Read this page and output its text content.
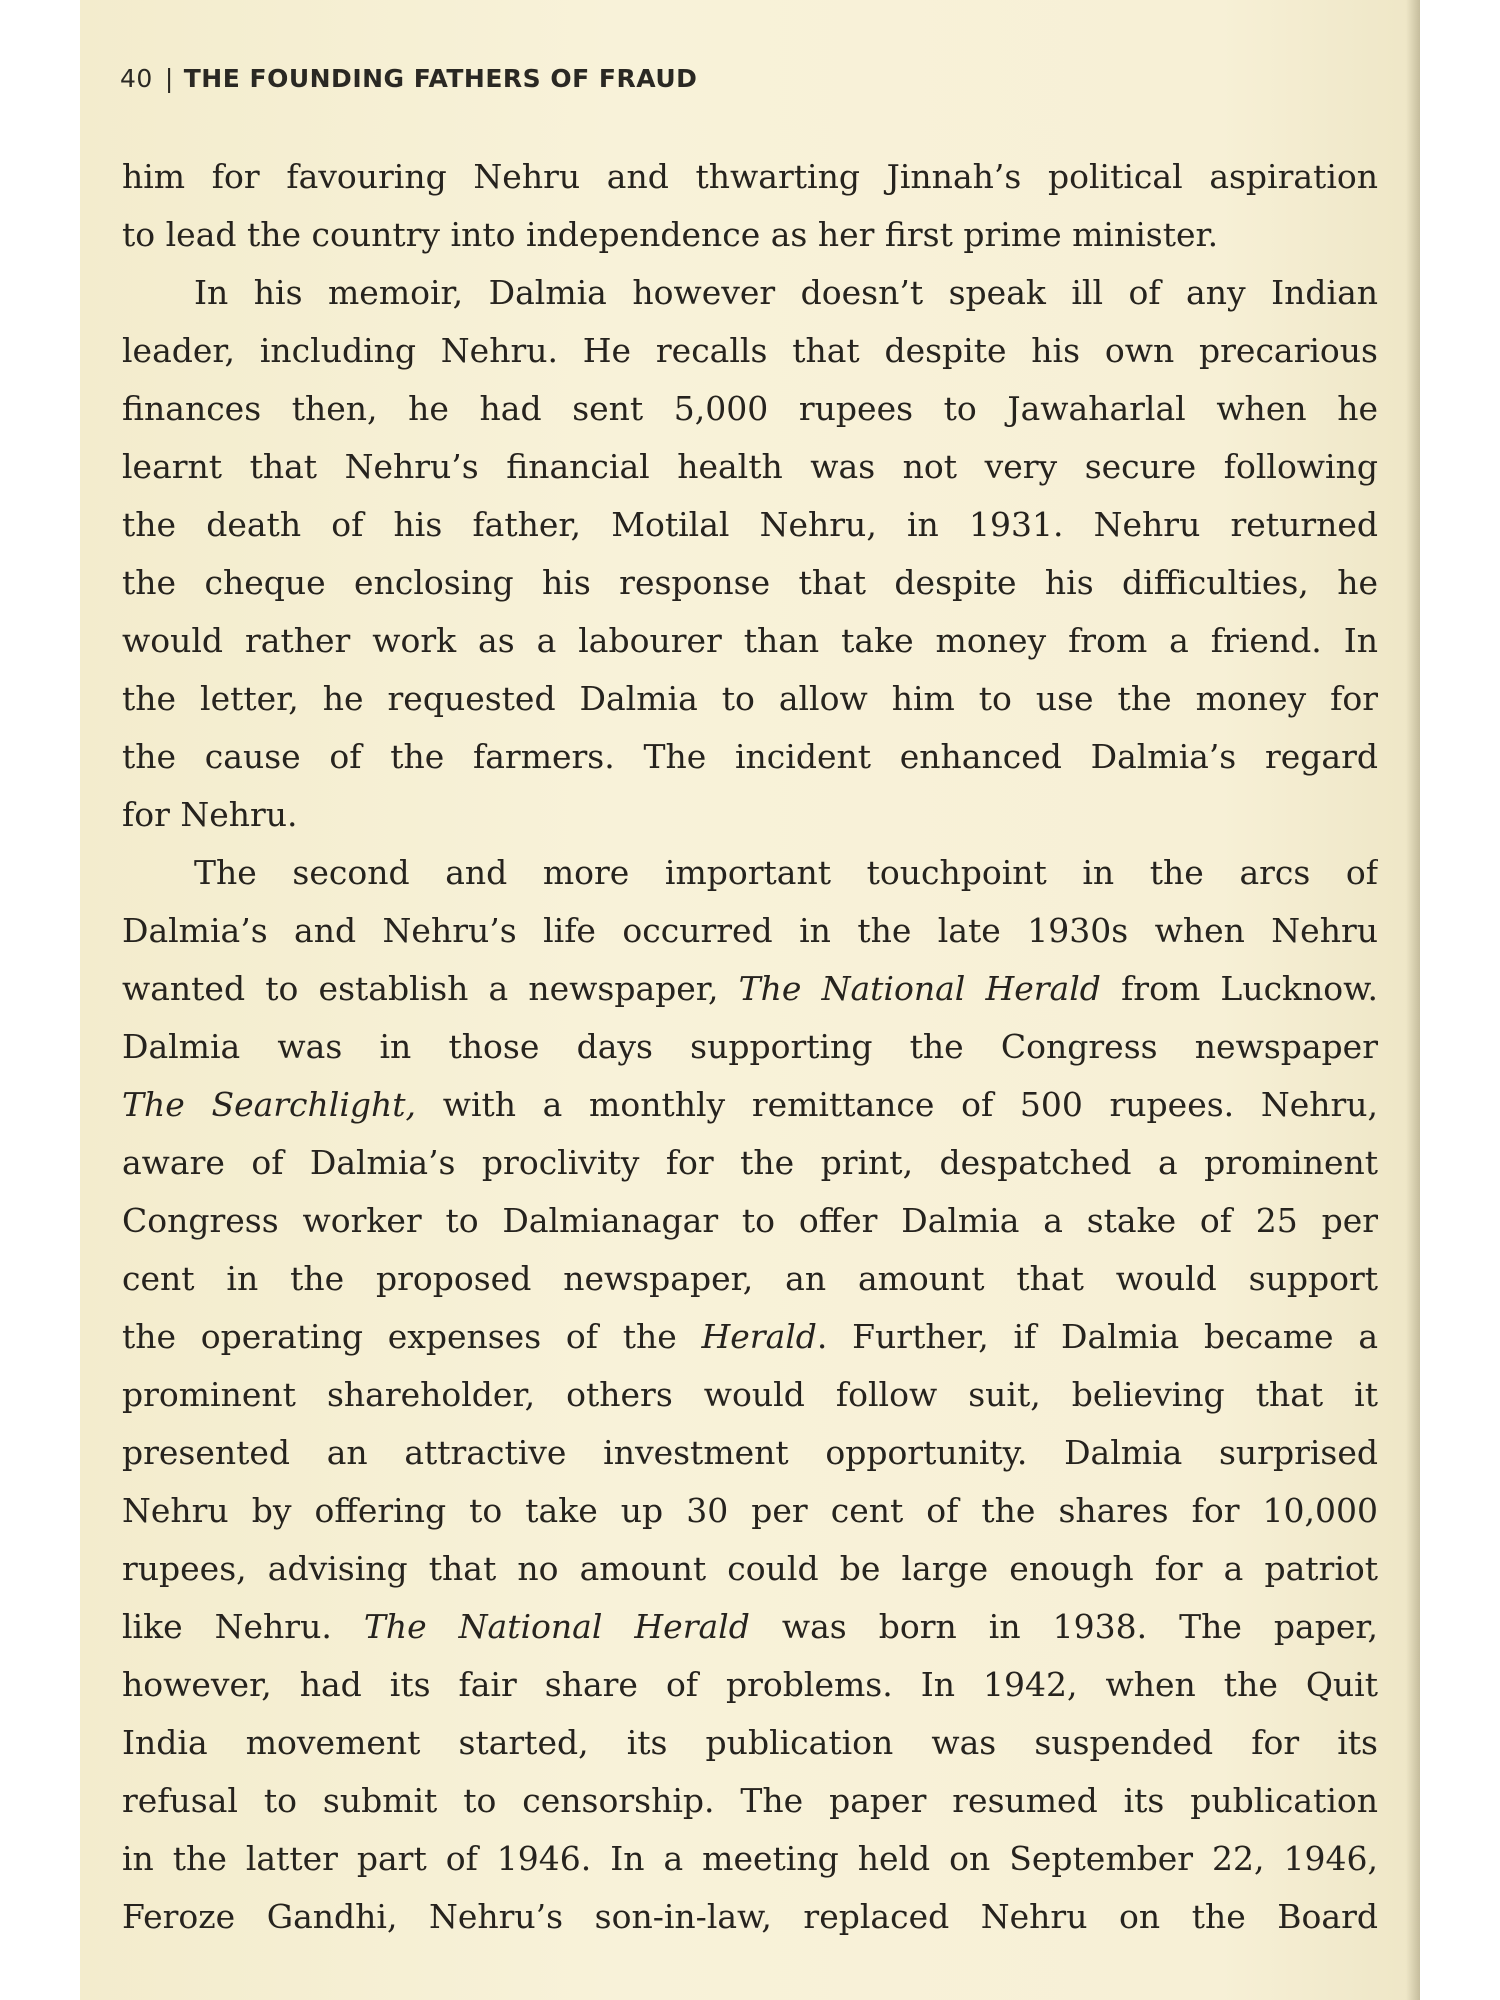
40 | THE FOUNDING FATHERS OF FRAUD
him for favouring Nehru and thwarting Jinnah’s political aspiration
to lead the country into independence as her first prime minister.
In his memoir, Dalmia however doesn’t speak ill of any Indian
leader, including Nehru. He recalls that despite his own precarious
finances then, he had sent 5,000 rupees to Jawaharlal when he
learnt that Nehru’s financial health was not very secure following
the death of his father, Motilal Nehru, in 1931. Nehru returned
the cheque enclosing his response that despite his difficulties, he
would rather work as a labourer than take money from a friend. In
the letter, he requested Dalmia to allow him to use the money for
the cause of the farmers. The incident enhanced Dalmia’s regard
for Nehru.
The second and more important touchpoint in the arcs of
Dalmia’s and Nehru’s life occurred in the late 1930s when Nehru
wanted to establish a newspaper, The National Herald from Lucknow.
Dalmia was in those days supporting the Congress newspaper
The Searchlight, with a monthly remittance of 500 rupees. Nehru,
aware of Dalmia’s proclivity for the print, despatched a prominent
Congress worker to Dalmianagar to offer Dalmia a stake of 25 per
cent in the proposed newspaper, an amount that would support
the operating expenses of the Herald. Further, if Dalmia became a
prominent shareholder, others would follow suit, believing that it
presented an attractive investment opportunity. Dalmia surprised
Nehru by offering to take up 30 per cent of the shares for 10,000
rupees, advising that no amount could be large enough for a patriot
like Nehru. The National Herald was born in 1938. The paper,
however, had its fair share of problems. In 1942, when the Quit
India movement started, its publication was suspended for its
refusal to submit to censorship. The paper resumed its publication
in the latter part of 1946. In a meeting held on September 22, 1946,
Feroze Gandhi, Nehru’s son-in-law, replaced Nehru on the Board
